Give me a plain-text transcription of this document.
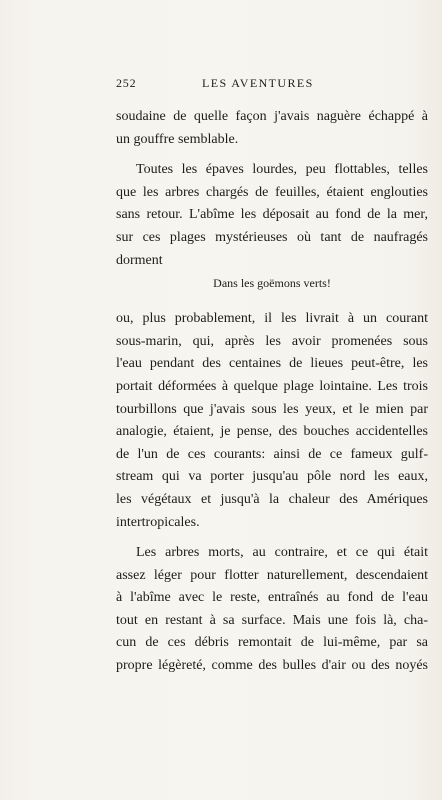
252	LES AVENTURES
soudaine de quelle façon j'avais naguère échappé à
un gouffre semblable.
Toutes les épaves lourdes, peu flottables, telles
que les arbres chargés de feuilles, étaient englouties
sans retour. L'abîme les déposait au fond de la mer,
sur ces plages mystérieuses où tant de naufragés
dorment
Dans les goëmons verts!
ou, plus probablement, il les livrait à un courant
sous-marin, qui, après les avoir promenées sous
l'eau pendant des centaines de lieues peut-être, les
portait déformées à quelque plage lointaine. Les trois
tourbillons que j'avais sous les yeux, et le mien par
analogie, étaient, je pense, des bouches accidentelles
de l'un de ces courants: ainsi de ce fameux gulf-
stream qui va porter jusqu'au pôle nord les eaux,
les végétaux et jusqu'à la chaleur des Amériques
intertropicales.
Les arbres morts, au contraire, et ce qui était
assez léger pour flotter naturellement, descendaient
à l'abîme avec le reste, entraînés au fond de l'eau
tout en restant à sa surface. Mais une fois là, cha-
cun de ces débris remontait de lui-même, par sa
propre légèreté, comme des bulles d'air ou des noyés
